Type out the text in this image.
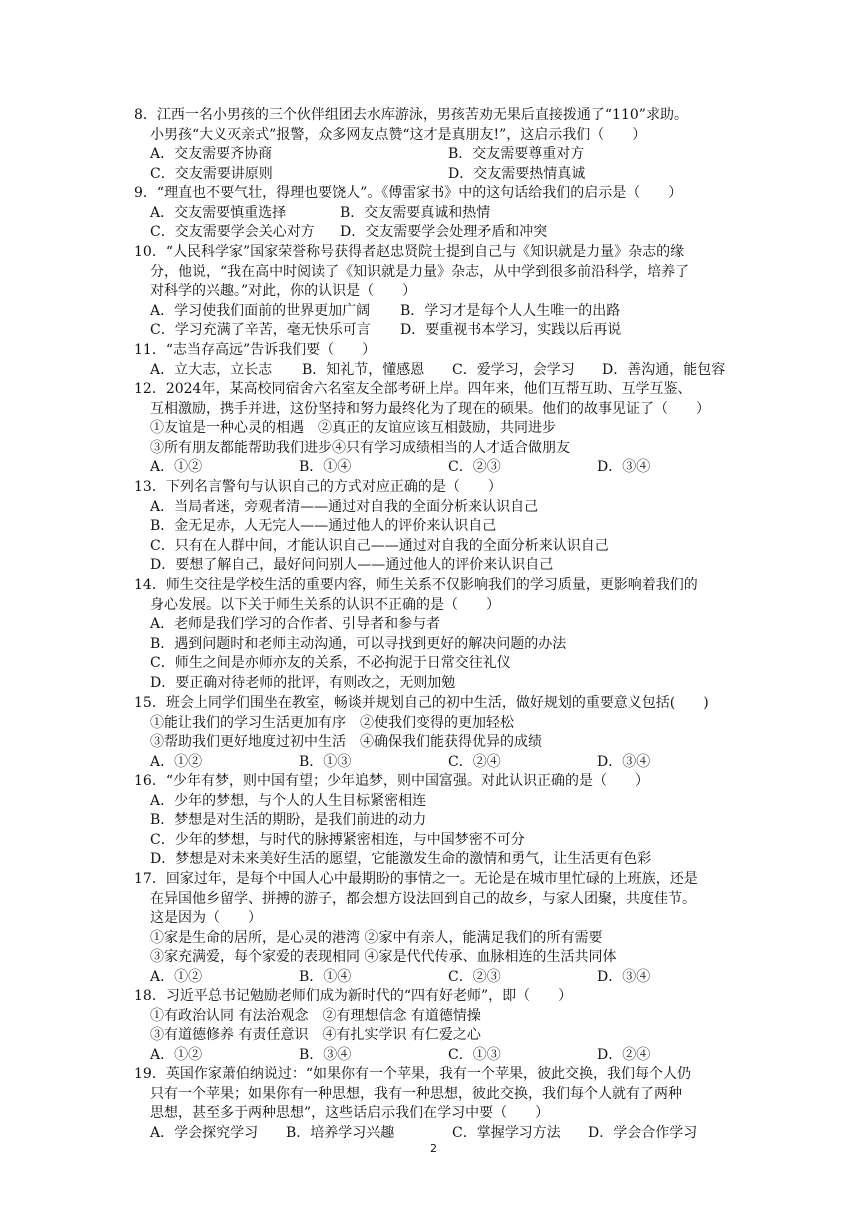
8．江西一名小男孩的三个伙伴组团去水库游泳，男孩苦劝无果后直接拨通了“110”求助。
小男孩“大义灭亲式”报警，众多网友点赞“这才是真朋友!”，这启示我们（　　）
A．交友需要齐协商	B．交友需要尊重对方
C．交友需要讲原则	D．交友需要热情真诚
9．“理直也不要气壮，得理也要饶人”。《傅雷家书》中的这句话给我们的启示是（　　）
A．交友需要慎重选择	B．交友需要真诚和热情
C．交友需要学会关心对方	D．交友需要学会处理矛盾和冲突
10．“人民科学家”国家荣誉称号获得者赵忠贤院士提到自己与《知识就是力量》杂志的缘
分，他说，“我在高中时阅读了《知识就是力量》杂志，从中学到很多前沿科学，培养了
对科学的兴趣。”对此，你的认识是（　　）
A．学习使我们面前的世界更加广阔	B．学习才是每个人人生唯一的出路
C．学习充满了辛苦，毫无快乐可言	D．要重视书本学习，实践以后再说
11．“志当存高远”告诉我们要（　　）
A．立大志，立长志	B．知礼节，懂感恩	C．爱学习，会学习	D．善沟通，能包容
12．2024年，某高校同宿舍六名室友全部考研上岸。四年来，他们互帮互助、互学互鉴、
互相激励，携手并进，这份坚持和努力最终化为了现在的硕果。他们的故事见证了（　　）
①友谊是一种心灵的相遇　②真正的友谊应该互相鼓励，共同进步
③所有朋友都能帮助我们进步④只有学习成绩相当的人才适合做朋友
A．①②	B．①④	C．②③	D．③④
13．下列名言警句与认识自己的方式对应正确的是（　　）
A．当局者迷，旁观者清——通过对自我的全面分析来认识自己
B．金无足赤，人无完人——通过他人的评价来认识自己
C．只有在人群中间，才能认识自己——通过对自我的全面分析来认识自己
D．要想了解自己，最好问问别人——通过他人的评价来认识自己
14．师生交往是学校生活的重要内容，师生关系不仅影响我们的学习质量，更影响着我们的
身心发展。以下关于师生关系的认识不正确的是（　　）
A．老师是我们学习的合作者、引导者和参与者
B．遇到问题时和老师主动沟通，可以寻找到更好的解决问题的办法
C．师生之间是亦师亦友的关系，不必拘泥于日常交往礼仪
D．要正确对待老师的批评，有则改之，无则加勉
15．班会上同学们围坐在教室，畅谈并规划自己的初中生活，做好规划的重要意义包括(　　)
①能让我们的学习生活更加有序　②使我们变得的更加轻松
③帮助我们更好地度过初中生活　④确保我们能获得优异的成绩
A．①②	B．①③	C．②④	D．③④
16．“少年有梦，则中国有望；少年追梦，则中国富强。对此认识正确的是（　　）
A．少年的梦想，与个人的人生目标紧密相连
B．梦想是对生活的期盼，是我们前进的动力
C．少年的梦想，与时代的脉搏紧密相连，与中国梦密不可分
D．梦想是对未来美好生活的愿望，它能激发生命的激情和勇气，让生活更有色彩
17．回家过年，是每个中国人心中最期盼的事情之一。无论是在城市里忙碌的上班族，还是
在异国他乡留学、拼搏的游子，都会想方设法回到自己的故乡，与家人团聚，共度佳节。
这是因为（　　）
①家是生命的居所，是心灵的港湾 ②家中有亲人，能满足我们的所有需要
③家充满爱，每个家爱的表现相同 ④家是代代传承、血脉相连的生活共同体
A．①②	B．①④	C．②③	D．③④
18．习近平总书记勉励老师们成为新时代的“四有好老师”，即（　　）
①有政治认同 有法治观念　②有理想信念 有道德情操
③有道德修养 有责任意识　④有扎实学识 有仁爱之心
A．①②	B．③④	C．①③	D．②④
19．英国作家萧伯纳说过：“如果你有一个苹果，我有一个苹果，彼此交换，我们每个人仍
只有一个苹果；如果你有一种思想，我有一种思想，彼此交换，我们每个人就有了两种
思想，甚至多于两种思想”，这些话启示我们在学习中要（　　）
A．学会探究学习	B．培养学习兴趣	C．掌握学习方法	D．学会合作学习
2
